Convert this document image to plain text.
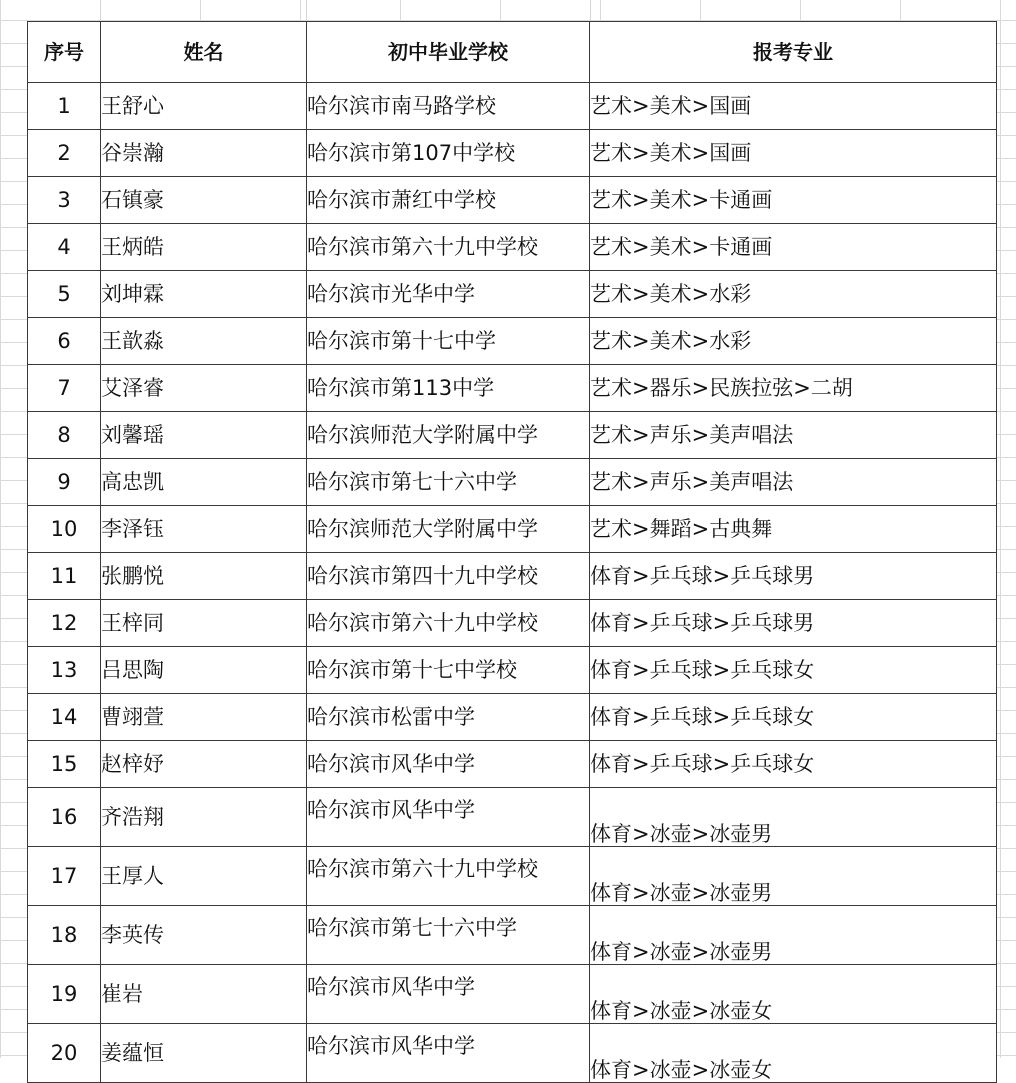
序号	姓名	初中毕业学校	报考专业
1	王舒心	哈尔滨市南马路学校	艺术>美术>国画
2	谷崇瀚	哈尔滨市第107中学校	艺术>美术>国画
3	石镇豪	哈尔滨市萧红中学校	艺术>美术>卡通画
4	王炳皓	哈尔滨市第六十九中学校	艺术>美术>卡通画
5	刘坤霖	哈尔滨市光华中学	艺术>美术>水彩
6	王歆淼	哈尔滨市第十七中学	艺术>美术>水彩
7	艾泽睿	哈尔滨市第113中学	艺术>器乐>民族拉弦>二胡
8	刘馨瑶	哈尔滨师范大学附属中学	艺术>声乐>美声唱法
9	高忠凯	哈尔滨市第七十六中学	艺术>声乐>美声唱法
10	李泽钰	哈尔滨师范大学附属中学	艺术>舞蹈>古典舞
11	张鹏悦	哈尔滨市第四十九中学校	体育>乒乓球>乒乓球男
12	王梓同	哈尔滨市第六十九中学校	体育>乒乓球>乒乓球男
13	吕思陶	哈尔滨市第十七中学校	体育>乒乓球>乒乓球女
14	曹翊萱	哈尔滨市松雷中学	体育>乒乓球>乒乓球女
15	赵梓妤	哈尔滨市风华中学	体育>乒乓球>乒乓球女
16	齐浩翔	哈尔滨市风华中学	体育>冰壶>冰壶男
17	王厚人	哈尔滨市第六十九中学校	体育>冰壶>冰壶男
18	李英传	哈尔滨市第七十六中学	体育>冰壶>冰壶男
19	崔岩	哈尔滨市风华中学	体育>冰壶>冰壶女
20	姜蕴恒	哈尔滨市风华中学	体育>冰壶>冰壶女
